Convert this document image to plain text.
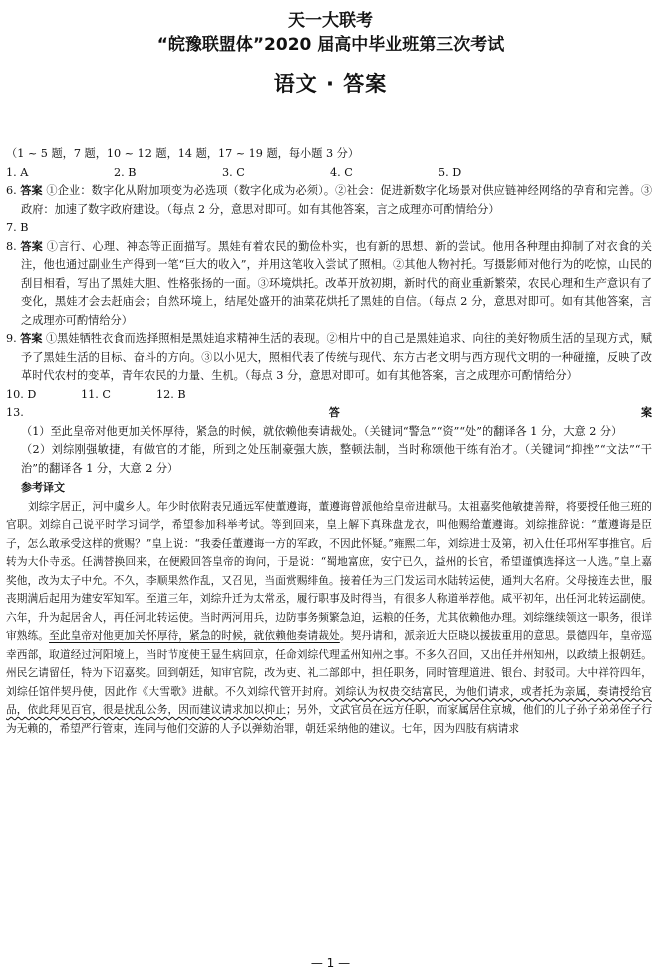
天一大联考
“皖豫联盟体”2020 届高中毕业班第三次考试
语文 · 答案
（1 ~ 5 题，7 题，10 ~ 12 题，14 题，17 ~ 19 题，每小题 3 分）
1. A	2. B	3. C	4. C	5. D
6. 答案 ①企业：数字化从附加项变为必选项（数字化成为必须）。②社会：促进新数字化场景对供应链神经网络的孕育和完善。③政府：加速了数字政府建设。（每点 2 分，意思对即可。如有其他答案，言之成理亦可酌情给分）
7. B
8. 答案 ①言行、心理、神态等正面描写。黑娃有着农民的勤俭朴实，也有新的思想、新的尝试。他用各种理由抑制了对衣食的关注，他也通过副业生产得到一笔“巨大的收入”，并用这笔收入尝试了照相。②其他人物衬托。写摄影师对他行为的吃惊，山民的刮目相看，写出了黑娃大胆、性格张扬的一面。③环境烘托。改革开放初期，新时代的商业重新繁荣，农民心理和生产意识有了变化，黑娃才会去赶庙会；自然环境上，结尾处盛开的油菜花烘托了黑娃的自信。（每点 2 分，意思对即可。如有其他答案，言之成理亦可酌情给分）
9. 答案 ①黑娃牺牲衣食而选择照相是黑娃追求精神生活的表现。②相片中的自己是黑娃追求、向往的美好物质生活的呈现方式，赋予了黑娃生活的目标、奋斗的方向。③以小见大，照相代表了传统与现代、东方古老文明与西方现代文明的一种碰撞，反映了改革时代农村的变革，青年农民的力量、生机。（每点 3 分，意思对即可。如有其他答案，言之成理亦可酌情给分）
10. D	11. C	12. B
13.	答案 （1）至此皇帝对他更加关怀厚待，紧急的时候，就依赖他奏请裁处。（关键词“警急”“资”“处”的翻译各 1 分，大意 2 分）
（2）刘综刚强敏捷，有做官的才能，所到之处压制豪强大族，整顿法制，当时称颂他干练有治才。（关键词“抑挫”“文法”“干治”的翻译各 1 分，大意 2 分）
参考译文
刘综字居正，河中虞乡人。年少时依附表兄通远军使董遵诲，董遵诲曾派他给皇帝进献马。太祖嘉奖他敏捷善辩，将要授任他三班的官职。刘综自己说平时学习词学，希望参加科举考试。等到回来，皇上解下真珠盘龙衣，叫他赐给董遵诲。刘综推辞说：“董遵诲是臣子，怎么敢承受这样的赏赐？”皇上说：“我委任董遵诲一方的军政，不因此怀疑。”雍熙二年，刘综进士及第，初入仕任邛州军事推官。后转为大仆寺丞。任满替换回来，在便殿回答皇帝的询问，于是说：“蜀地富庶，安宁已久，益州的长官，希望谨慎选择这一人选。”皇上嘉奖他，改为太子中允。不久，李顺果然作乱，又召见，当面赏赐绯鱼。接着任为三门发运司水陆转运使，通判大名府。父母接连去世，服丧期满后起用为建安军知军。至道三年，刘综升迁为太常丞，履行职事及时得当，有很多人称道举荐他。咸平初年，出任河北转运副使。六年，升为起居舍人，再任河北转运使。当时两河用兵，边防事务频繁急迫，运粮的任务，尤其依赖他办理。刘综继续领这一职务，很详审熟练。至此皇帝对他更加关怀厚待，紧急的时候，就依赖他奏请裁处。契丹请和，派亲近大臣晓以援拔重用的意思。景德四年，皇帝巡幸西部，取道经过河阳境上，当时节度使王显生病回京，任命刘综代理孟州知州之事。不多久召回，又出任并州知州，以政绩上报朝廷。州民乞请留任，特为下诏嘉奖。回到朝廷，知审官院，改为吏、礼二部郎中，担任职务，同时管理道进、银台、封驳司。大中祥符四年，刘综任馆伴契丹使，因此作《大雪歌》进献。不久刘综代管开封府。刘综认为权贵交结富民，为他们请求，或者托为亲属，奏请授给官品，依此拜见百官，很是扰乱公务，因而建议请求加以抑止；另外，文武官员在远方任职，而家属居住京城，他们的儿子孙子弟弟侄子行为无赖的，希望严行管束，连同与他们交游的人予以弹劾治罪，朝廷采纳他的建议。七年，因为四肢有病请求
— 1 —
